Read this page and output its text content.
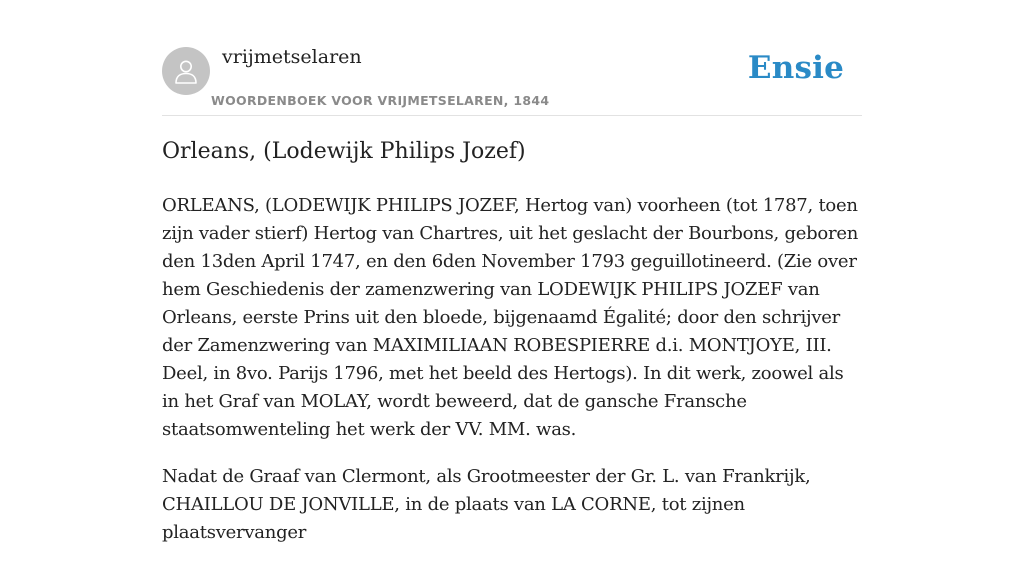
vrijmetselaren
WOORDENBOEK VOOR VRIJMETSELAREN, 1844
Ensie
Orleans, (Lodewijk Philips Jozef)

ORLEANS, (LODEWIJK PHILIPS JOZEF, Hertog van) voorheen (tot 1787, toen zijn vader stierf) Hertog van Chartres, uit het geslacht der Bourbons, geboren den 13den April 1747, en den 6den November 1793 geguillotineerd. (Zie over hem Geschiedenis der zamenzwering van LODEWIJK PHILIPS JOZEF van Orleans, eerste Prins uit den bloede, bijgenaamd Égalité; door den schrijver der Zamenzwering van MAXIMILIAAN ROBESPIERRE d.i. MONTJOYE, III. Deel, in 8vo. Parijs 1796, met het beeld des Hertogs). In dit werk, zoowel als in het Graf van MOLAY, wordt beweerd, dat de gansche Fransche staatsomwenteling het werk der VV. MM. was.

Nadat de Graaf van Clermont, als Grootmeester der Gr. L. van Frankrijk, CHAILLOU DE JONVILLE, in de plaats van LA CORNE, tot zijnen plaatsvervanger
